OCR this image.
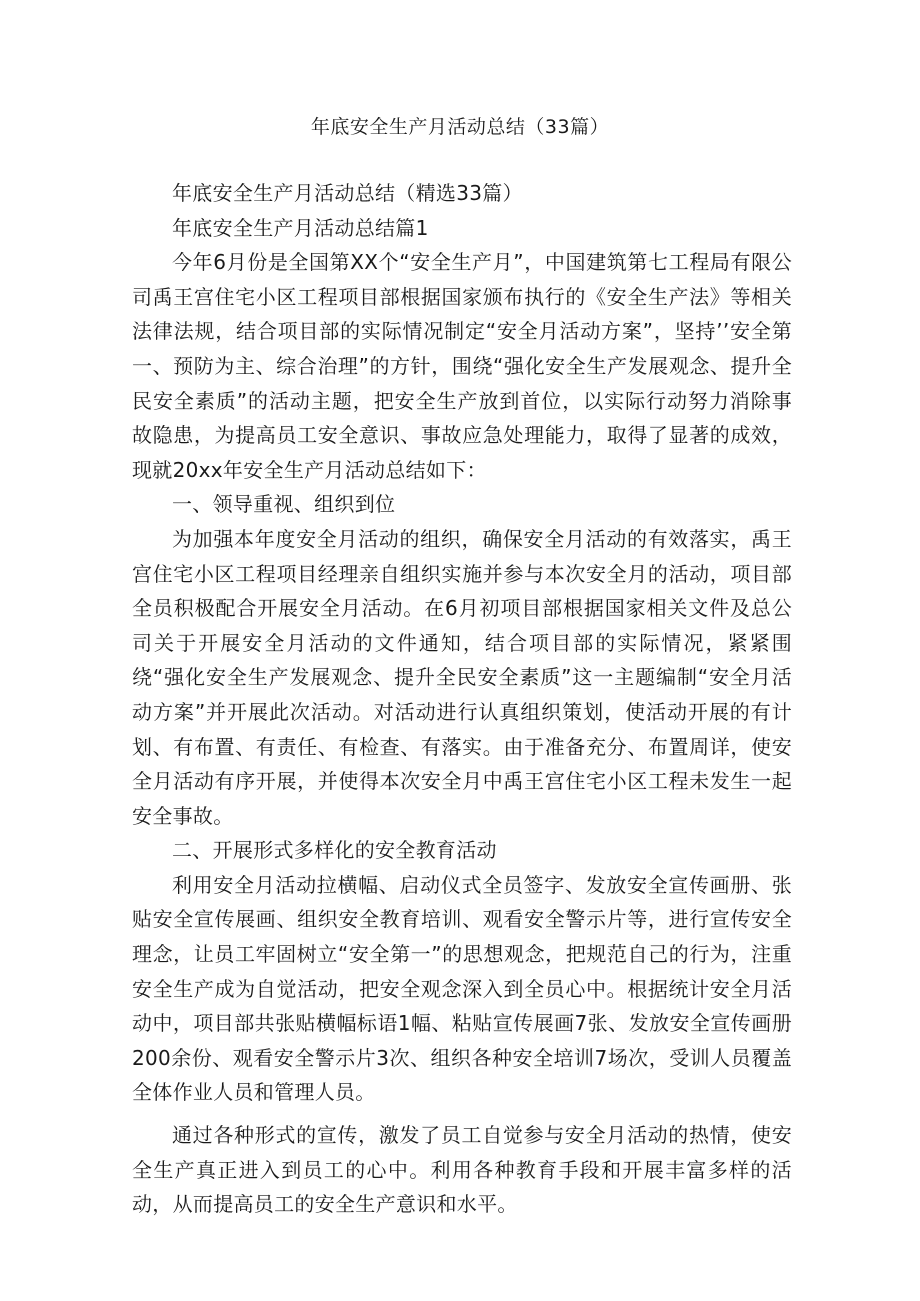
年底安全生产月活动总结（33篇）

年底安全生产月活动总结（精选33篇）

年底安全生产月活动总结篇1

今年6月份是全国第XX个“安全生产月”，中国建筑第七工程局有限公司禹王宫住宅小区工程项目部根据国家颁布执行的《安全生产法》等相关法律法规，结合项目部的实际情况制定“安全月活动方案”，坚持’’安全第一、预防为主、综合治理”的方针，围绕“强化安全生产发展观念、提升全民安全素质”的活动主题，把安全生产放到首位，以实际行动努力消除事故隐患，为提高员工安全意识、事故应急处理能力，取得了显著的成效，现就20xx年安全生产月活动总结如下：

一、领导重视、组织到位

为加强本年度安全月活动的组织，确保安全月活动的有效落实，禹王宫住宅小区工程项目经理亲自组织实施并参与本次安全月的活动，项目部全员积极配合开展安全月活动。在6月初项目部根据国家相关文件及总公司关于开展安全月活动的文件通知，结合项目部的实际情况，紧紧围绕“强化安全生产发展观念、提升全民安全素质”这一主题编制“安全月活动方案”并开展此次活动。对活动进行认真组织策划，使活动开展的有计划、有布置、有责任、有检查、有落实。由于准备充分、布置周详，使安全月活动有序开展，并使得本次安全月中禹王宫住宅小区工程未发生一起安全事故。

二、开展形式多样化的安全教育活动

利用安全月活动拉横幅、启动仪式全员签字、发放安全宣传画册、张贴安全宣传展画、组织安全教育培训、观看安全警示片等，进行宣传安全理念，让员工牢固树立“安全第一”的思想观念，把规范自己的行为，注重安全生产成为自觉活动，把安全观念深入到全员心中。根据统计安全月活动中，项目部共张贴横幅标语1幅、粘贴宣传展画7张、发放安全宣传画册200余份、观看安全警示片3次、组织各种安全培训7场次，受训人员覆盖全体作业人员和管理人员。

通过各种形式的宣传，激发了员工自觉参与安全月活动的热情，使安全生产真正进入到员工的心中。利用各种教育手段和开展丰富多样的活动，从而提高员工的安全生产意识和水平。
